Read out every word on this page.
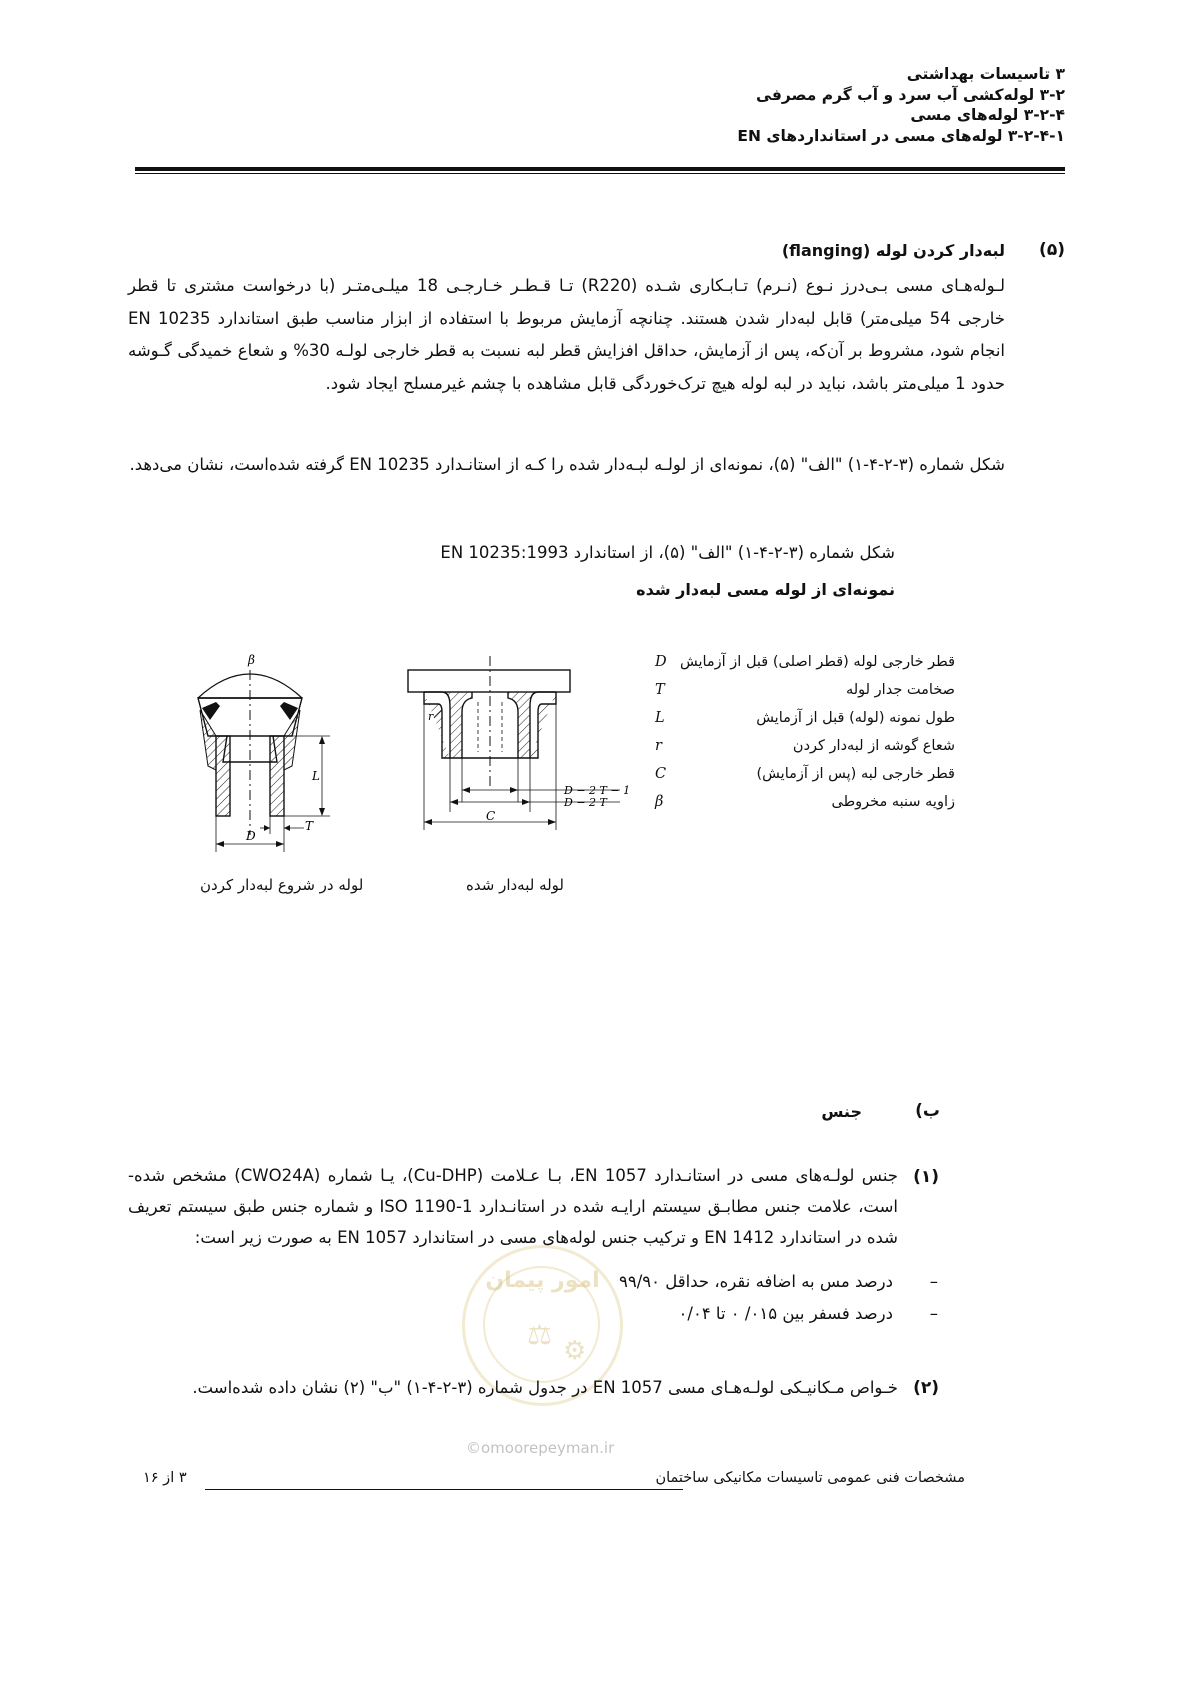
۳ تاسیسات بهداشتی
۳-۲ لوله‌کشی آب سرد و آب گرم مصرفی
۳-۲-۴ لوله‌های مسی
۳-۲-۴-۱ لوله‌های مسی در استانداردهای EN
(۵)
لبه‌دار کردن لوله (flanging)
لـوله‌هـای مسی بـی‌درز نـوع (نـرم) تـابـکاری شـده (R220) تـا قـطـر خـارجـی 18 میلـی‌متـر (با درخواست مشتری تا قطر خارجی 54 میلی‌متر) قابل لبه‌دار شدن هستند. چنانچه آزمایش مربوط با استفاده از ابزار مناسب طبق استاندارد EN 10235 انجام شود، مشروط بر آن‌که، پس از آزمایش، حداقل افزایش قطر لبه نسبت به قطر خارجی لولـه 30% و شعاع خمیدگی گـوشه حدود 1 میلی‌متر باشد، نباید در لبه لوله هیچ ترک‌خوردگی قابل مشاهده با چشم غیرمسلح ایجاد شود.
شکل شماره (۳-۲-۴-۱) "الف" (۵)، نمونه‌ای از لولـه لبـه‌دار شده را کـه از استانـدارد EN 10235 گرفته شده‌است، نشان می‌دهد.
شکل شماره (۳-۲-۴-۱) "الف" (۵)، از استاندارد EN 10235:1993
نمونه‌ای از لوله مسی لبه‌دار شده
β
L
T
D
r
C
D − 2 T − 1
D − 2 T
لوله در شروع لبه‌دار کردن	لوله لبه‌دار شده
قطر خارجی لوله (قطر اصلی) قبل از آزمایش
D
صخامت جدار لوله
T
طول نمونه (لوله) قبل از آزمایش
L
شعاع گوشه از لبه‌دار کردن
r
قطر خارجی لبه (پس از آزمایش)
C
زاویه سنبه مخروطی
β
ب)
جنس
امور پیمان
⚖ ⚙
(۱)
جنس لولـه‌های مسی در استانـدارد EN 1057، بـا عـلامت (Cu-DHP)، یـا شماره (CWO24A) مشخص شده-است، علامت جنس مطابـق سیستم ارایـه شده در استانـدارد ISO 1190-1 و شماره جنس طبق سیستم تعریف شده در استاندارد EN 1412 و ترکیب جنس لوله‌های مسی در استاندارد EN 1057 به صورت زیر است:
–
درصد مس به اضافه نقره، حداقل ۹۹/۹۰
–
درصد فسفر بین ۰۱۵/ ۰ تا ۰/۰۴
(۲)
خـواص مـکانیـکی لولـه‌هـای مسی EN 1057 در جدول شماره (۳-۲-۴-۱) "ب" (۲) نشان داده شده‌است.
©omoorepeyman.ir
مشخصات فنی عمومی تاسیسات مکانیکی ساختمان
۳ از ۱۶
